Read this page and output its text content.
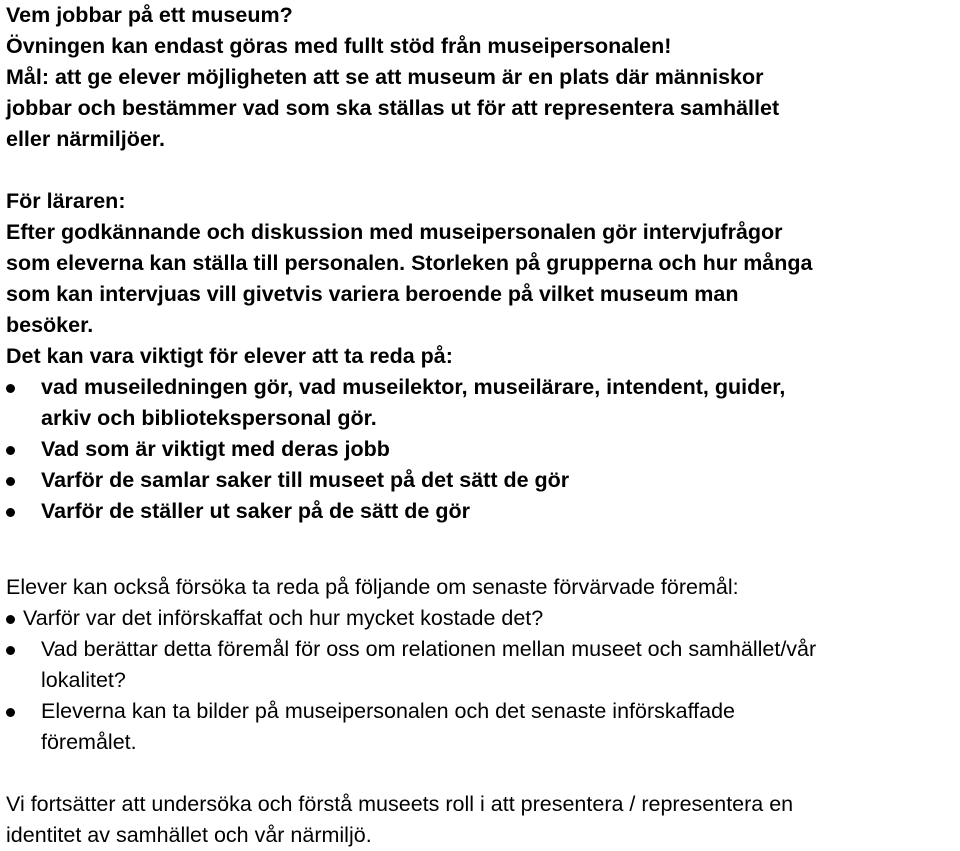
Vem jobbar på ett museum?
Övningen kan endast göras med fullt stöd från museipersonalen!
Mål: att ge elever möjligheten att se att museum är en plats där människor
jobbar och bestämmer vad som ska ställas ut för att representera samhället
eller närmiljöer.
För läraren:
Efter godkännande och diskussion med museipersonalen gör intervjufrågor
som eleverna kan ställa till personalen. Storleken på grupperna och hur många
som kan intervjuas vill givetvis variera beroende på vilket museum man
besöker.
Det kan vara viktigt för elever att ta reda på:
vad museiledningen gör, vad museilektor, museilärare, intendent, guider,
arkiv och bibliotekspersonal gör.
Vad som är viktigt med deras jobb
Varför de samlar saker till museet på det sätt de gör
Varför de ställer ut saker på de sätt de gör
Elever kan också försöka ta reda på följande om senaste förvärvade föremål:
Varför var det införskaffat och hur mycket kostade det?
Vad berättar detta föremål för oss om relationen mellan museet och samhället/vår
lokalitet?
Eleverna kan ta bilder på museipersonalen och det senaste införskaffade
föremålet.
Vi fortsätter att undersöka och förstå museets roll i att presentera / representera en
identitet av samhället och vår närmiljö.
